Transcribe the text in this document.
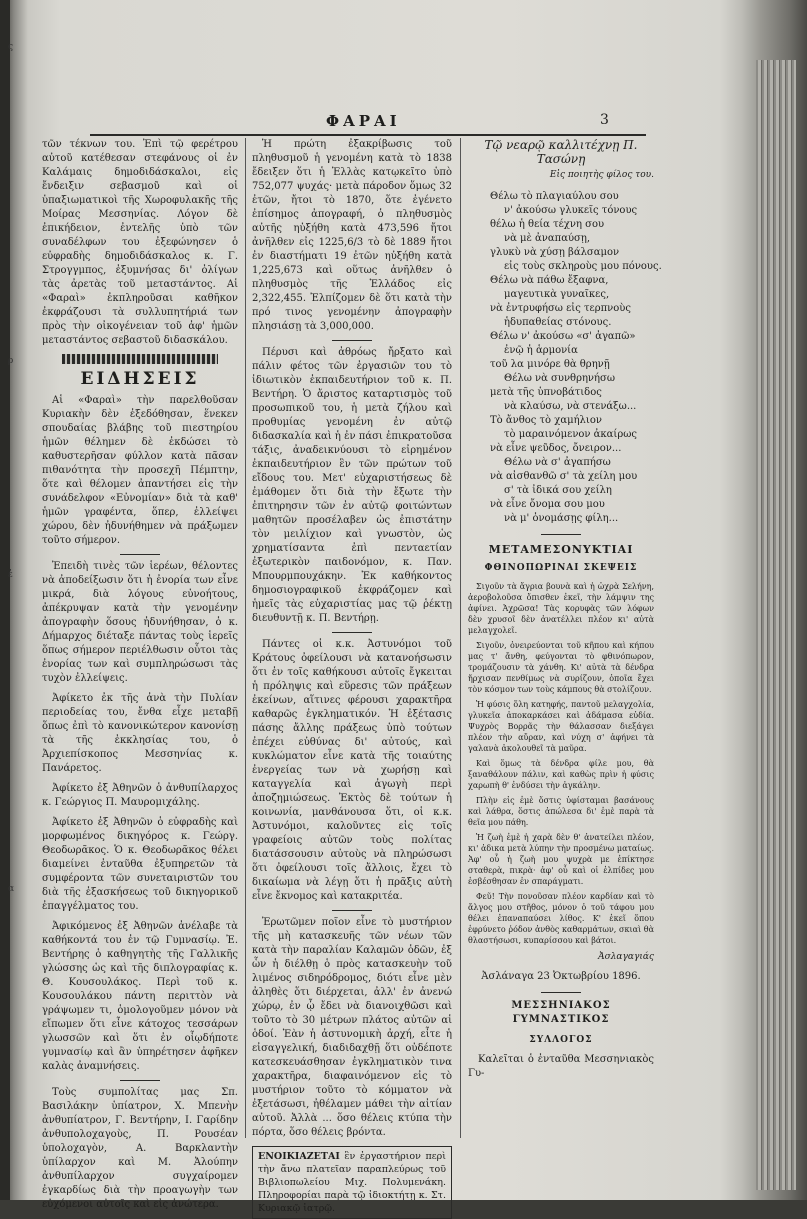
ς
ρ
ἐ
α
ΦΑΡΑΙ	3

τῶν τέκνων του. Ἐπὶ τῷ φερέτρου αὐτοῦ κατέθεσαν στεφάνους οἱ ἐν Καλάμαις δημοδιδάσκαλοι, εἰς ἔνδειξιν σεβασμοῦ καὶ οἱ ὑπαξιωματικοὶ τῆς Χωροφυλακῆς τῆς Μοίρας Μεσσηνίας. Λόγον δὲ ἐπικήδειον, ἐντελῆς ὑπὸ τῶν συναδέλφων του ἐξεφώνησεν ὁ εὐφραδὴς δημοδιδάσκαλος κ. Γ. Στρογγμπος, ἐξυμνήσας δι' ὀλίγων τὰς ἀρετὰς τοῦ μεταστάντος. Αἱ «Φαραὶ» ἐκπληροῦσαι καθῆκον ἐκφράζουσι τὰ συλλυπητήριά των πρὸς τὴν οἰκογένειαν τοῦ ἀφ' ἡμῶν μεταστάντος σεβαστοῦ διδασκάλου.

ΕΙΔΗΣΕΙΣ

Αἱ «Φαραὶ» τὴν παρελθοῦσαν Κυριακὴν δὲν ἐξεδόθησαν, ἕνεκεν σπουδαίας βλάβης τοῦ πιεστηρίου ἡμῶν θέλημεν δὲ ἐκδώσει τὸ καθυστερῆσαν φύλλον κατὰ πᾶσαν πιθανότητα τὴν προσεχῆ Πέμπτην, ὅτε καὶ θέλομεν ἀπαντήσει εἰς τὴν συνάδελφον «Εὐνομίαν» διὰ τὰ καθ' ἡμῶν γραφέντα, ὅπερ, ἐλλείψει χώρου, δὲν ἠδυνήθημεν νὰ πράξωμεν τοῦτο σήμερον.

Ἐπειδὴ τινὲς τῶν ἱερέων, θέλοντες νὰ ἀποδείξωσιν ὅτι ἡ ἐνορία των εἶνε μικρά, διὰ λόγους εὐνοήτους, ἀπέκρυψαν κατὰ τὴν γενομένην ἀπογραφὴν ὅσους ἠδυνήθησαν, ὁ κ. Δήμαρχος διέταξε πάντας τοὺς ἱερεῖς ὅπως σήμερον περιέλθωσιν οὗτοι τὰς ἐνορίας των καὶ συμπληρώσωσι τὰς τυχὸν ἐλλείψεις.

Ἀφίκετο ἐκ τῆς ἀνὰ τὴν Πυλίαν περιοδείας του, ἔνθα εἶχε μεταβῇ ὅπως ἐπὶ τὸ κανονικώτερον κανονίσῃ τὰ τῆς ἐκκλησίας του, ὁ Ἀρχιεπίσκοπος Μεσσηνίας κ. Πανάρετος.

Ἀφίκετο ἐξ Ἀθηνῶν ὁ ἀνθυπίλαρχος κ. Γεώργιος Π. Μαυρομιχάλης.

Ἀφίκετο ἐξ Ἀθηνῶν ὁ εὐφραδὴς καὶ μορφωμένος δικηγόρος κ. Γεώργ. Θεοδωρᾶκος. Ὁ κ. Θεοδωρᾶκος θέλει διαμείνει ἐνταῦθα ἐξυπηρετῶν τὰ συμφέροντα τῶν συνεταιριστῶν του διὰ τῆς ἐξασκήσεως τοῦ δικηγορικοῦ ἐπαγγέλματος του.

Ἀφικόμενος ἐξ Ἀθηνῶν ἀνέλαβε τὰ καθήκοντά του ἐν τῷ Γυμνασίῳ. Ἐ. Βεντήρης ὁ καθηγητὴς τῆς Γαλλικῆς γλώσσης ὡς καὶ τῆς διπλογραφίας κ. Θ. Κουσουλάκος. Περὶ τοῦ κ. Κουσουλάκου πάντη περιττὸν νὰ γράψωμεν τι, ὁμολογοῦμεν μόνον νὰ εἴπωμεν ὅτι εἶνε κάτοχος τεσσάρων γλωσσῶν καὶ ὅτι ἐν οἷῳδήποτε γυμνασίῳ καὶ ἂν ὑπηρέτησεν ἀφῆκεν καλὰς ἀναμνήσεις.

Τοὺς συμπολίτας μας Σπ. Βασιλάκην ὑπίατρον, Χ. Μπενὴν ἀνθυπίατρον, Γ. Βεντήρην, Ι. Γαρίδην ἀνθυπολοχαγοὺς, Π. Ρουσέαν ὑπολοχαγὸν, Α. Βαρκλαντὴν ὑπίλαρχον καὶ Μ. Ἀλούπην ἀνθυπίλαρχον συγχαίρομεν ἐγκαρδίως διὰ τὴν προαγωγὴν των εὐχόμενοι αὐτοῖς καὶ εἰς ἀνώτερα.

Ἡ πρώτη ἐξακρίβωσις τοῦ πληθυσμοῦ ἡ γενομένη κατὰ τὸ 1838 ἔδειξεν ὅτι ἡ Ἑλλὰς κατῳκεῖτο ὑπὸ 752,077 ψυχάς· μετὰ πάροδον ὅμως 32 ἐτῶν, ἤτοι τὸ 1870, ὅτε ἐγένετο ἐπίσημος ἀπογραφή, ὁ πληθυσμὸς αὐτῆς ηὐξήθη κατὰ 473,596 ἤτοι ἀνῆλθεν εἰς 1225,6/3 τὸ δὲ 1889 ἤτοι ἐν διαστήματι 19 ἐτῶν ηὐξήθη κατὰ 1,225,673 καὶ οὕτως ἀνῆλθεν ὁ πληθυσμὸς τῆς Ἑλλάδος εἰς 2,322,455. Ἐλπίζομεν δὲ ὅτι κατὰ τὴν πρό τινος γενομένην ἀπογραφὴν πλησιάσῃ τὰ 3,000,000.

Πέρυσι καὶ ἀθρόως ἤρξατο καὶ πάλιν φέτος τῶν ἐργασιῶν του τὸ ἰδιωτικὸν ἐκπαιδευτήριον τοῦ κ. Π. Βεντήρη. Ὁ ἄριστος καταρτισμὸς τοῦ προσωπικοῦ του, ἡ μετὰ ζήλου καὶ προθυμίας γενομένη ἐν αὐτῷ διδασκαλία καὶ ἡ ἐν πάσι ἐπικρατοῦσα τάξις, ἀναδεικνύουσι τὸ εἰρημένον ἐκπαιδευτήριον ἓν τῶν πρώτων τοῦ εἴδους του. Μετ' εὐχαριστήσεως δὲ ἐμάθομεν ὅτι διὰ τὴν ἔξωτε τὴν ἐπιτηρησιν τῶν ἐν αὐτῷ φοιτώντων μαθητῶν προσέλαβεν ὡς ἐπιστάτην τὸν μειλίχιον καὶ γνωστὸν, ὡς χρηματίσαντα ἐπὶ πενταετίαν ἐξωτερικὸν παιδονόμον, κ. Παν. Μπουρμπουχάκην. Ἐκ καθήκοντος δημοσιογραφικοῦ ἐκφράζομεν καὶ ἡμεῖς τὰς εὐχαριστίας μας τῷ ῥέκτῃ διευθυντῇ κ. Π. Βεντήρῃ.

Πάντες οἱ κ.κ. Ἀστυνόμοι τοῦ Κράτους ὀφείλουσι νὰ κατανοήσωσιν ὅτι ἐν τοῖς καθήκουσι αὐτοῖς ἔγκειται ἡ πρόληψις καὶ εὕρεσις τῶν πράξεων ἐκείνων, αἵτινες φέρουσι χαρακτῆρα καθαρῶς ἐγκληματικόν. Ἡ ἐξέτασις πάσης ἄλλης πράξεως ὑπὸ τούτων ἐπέχει εὐθύνας δι' αὐτούς, καὶ κυκλώματον εἶνε κατὰ τῆς τοιαύτης ἐνεργείας των νὰ χωρήσῃ καὶ καταγγελία καὶ ἀγωγὴ περὶ ἀποζημιώσεως. Ἐκτὸς δὲ τούτων ἡ κοινωνία, μανθάνουσα ὅτι, οἱ κ.κ. Ἀστυνόμοι, καλοῦντες εἰς τοῖς γραφείοις αὐτῶν τοὺς πολίτας διατάσσουσιν αὐτοὺς νὰ πληρώσωσι ὅτι ὀφείλουσι τοῖς ἄλλοις, ἔχει τὸ δικαίωμα νὰ λέγῃ ὅτι ἡ πρᾶξις αὐτὴ εἶνε ἔκνομος καὶ κατακριτέα.

Ἐρωτῶμεν ποῖον εἶνε τὸ μυστήριον τῆς μὴ κατασκευῆς τῶν νέων τῶν κατὰ τὴν παραλίαν Καλαμῶν ὁδῶν, ἐξ ὧν ἡ διέλθῃ ὁ πρὸς κατασκευὴν τοῦ λιμένος σιδηρόδρομος, διότι εἶνε μὲν ἀληθὲς ὅτι διέρχεται, ἀλλ' ἐν ἀνενώ χώρῳ, ἐν ᾧ ἔδει νὰ διανοιχθῶσι καὶ τοῦτο τὸ 30 μέτρων πλάτος αὐτῶν αἱ ὁδοί. Ἐὰν ἡ ἀστυνομικὴ ἀρχή, εἶτε ἡ εἰσαγγελική, διαδιδαχθῇ ὅτι οὐδέποτε κατεσκευάσθησαν ἐγκληματικὸν τινα χαρακτῆρα, διαφαινόμενον εἰς τὸ μυστήριον τοῦτο τὸ κόμματον νὰ ἐξετάσωσι, ἠθέλαμεν μάθει τὴν αἰτίαν αὐτοῦ. Ἀλλὰ ... ὅσο θέλεις κτύπα τὴν πόρτα, ὅσο θέλεις βρόντα.

ΕΝΟΙΚΙΑΖΕΤΑΙ ἓν ἐργαστήριον περὶ τὴν ἄνω πλατεῖαν παραπλεύρως τοῦ Βιβλιοπωλείου Μιχ. Πολυμενάκη. Πληροφορίαι παρὰ τῷ ἰδιοκτήτῃ κ. Στ. Κυριακῷ ἰατρῷ.
Τῷ νεαρῷ καλλιτέχνῃ Π. Τασώνῃ
Εἰς ποιητὴς φίλος του.
Θέλω τὸ πλαγιαύλου σου
ν' ἀκούσω γλυκεῖς τόνους
θέλω ἡ θεία τέχνη σου
νὰ μὲ ἀναπαύσῃ,
γλυκὺ νὰ χύσῃ βάλσαμον
εἰς τοὺς σκληροὺς μου πόνους.
Θέλω νὰ πάθω ἔξαφνα,
μαγευτικὰ γυναῖκες,
νὰ ἐντρυφήσω εἰς τερπνοὺς
ἡδυπαθείας στόνους.
Θέλω ν' ἀκούσω «σ' ἀγαπῶ»
ἐνῷ ἡ ἁρμονία
τοῦ λα μινόρε θὰ θρηνῇ
Θέλω νὰ συνθρηνήσω
μετὰ τῆς ὑπνοβάτιδος
νὰ κλαύσω, νὰ στενάξω...
Τὸ ἄνθος τὸ χαμήλιον
τὸ μαραινόμενον ἀκαίρως
νὰ εἶνε ψεῦδος, ὄνειρον...
Θέλω νὰ σ' ἀγαπήσω
νὰ αἰσθανθῶ σ' τὰ χείλη μου
σ' τὰ ἰδικά σου χείλη
νὰ εἶνε ὄνομα σου μου
νὰ μ' ὀνομάσῃς φίλη...
ΜΕΤΑΜΕΣΟΝΥΚΤΙΑΙ
ΦΘΙΝΟΠΩΡΙΝΑΙ ΣΚΕΨΕΙΣ

Σιγοῦν τὰ ἄγρια βουνὰ καὶ ἡ ὠχρὰ Σελήνη, ἀεροβολοῦσα ὄπισθεν ἐκεῖ, τὴν λάμψιν της ἀφίνει. Ἀχρῶσα! Τὰς κορυφὰς τῶν λόφων δὲν χρυσοῖ δὲν ἀνατέλλει πλέον κι' αὐτὰ μελαγχολεῖ.

Σιγοῦν, ὀνειρεύονται τοῦ κῆπου καὶ κήπου μας τ' ἄνθη, φεύγονται τὸ φθινόπωρον, τρομάζουσιν τὰ χάνθη. Κι' αὐτὰ τὰ δένδρα ἤρχισαν πενθίμως νὰ συρίζουν, ὁποῖα ἔχει τὸν κόσμον των τοὺς κάμπους θὰ στολίζουν.

Ἡ φύσις ὅλη κατηφής, παντοῦ μελαγχολία, γλυκεῖα ἀποκαρκάσει καὶ ἀδάμασα εὐδία. Ψυχρὸς Βορρᾶς τὴν θάλασσαν διεξάγει πλέον τὴν αὔραν, καὶ νύχη σ' ἀφήνει τὰ γαλανὰ ἀκολουθεῖ τὰ μαῦρα.

Καὶ ὅμως τὰ δένδρα φίλε μου, θὰ ξαναθάλουν πάλιν, καὶ καθὼς πρὶν ἡ φύσις χαρωπὴ θ' ἐνδύσει τὴν ἀγκάλην.

Πλὴν εἰς ἐμὲ ὅστις ὑφίσταμαι βασάνους καὶ λάθρα, ὅστις ἀπώλεσα δι' ἐμὲ παρὰ τὰ θεῖα μου πάθη.

Ἡ ζωὴ ἐμὲ ἡ χαρὰ δὲν θ' ἀνατείλει πλέον, κι' ἀδικα μετὰ λύπην τὴν προσμένω ματαίως. Ἀφ' οὗ ἡ ζωὴ μου ψυχρὰ με ἐπίκτησε σταθερὰ, πικρὰ· ἀφ' οὗ καὶ οἱ ἐλπίδες μου ἐσβέσθησαν ἐν σπαράγματι.

Φεῦ! Τὴν πονοῦσαν πλέον καρδίαν καὶ τὸ ἄλγος μου στῆθος, μόνον ὁ τοῦ τάφου μου θέλει ἐπαναπαύσει λίθος. Κ' ἐκεῖ ὅπου ἐφρύνετο ῥόδον ἀνθὸς καθαρμάτων, σκιαὶ θὰ θλαστήσωσι, κυπαρίσσου καὶ βάτοι.

Ἀσλαγαγιάς
Ἀσλάναγα 23 Ὀκτωβρίου 1896.
ΜΕΣΣΗΝΙΑΚΟΣ ΓΥΜΝΑΣΤΙΚΟΣ
ΣΥΛΛΟΓΟΣ

Καλεῖται ὁ ἐνταῦθα Μεσσηνιακὸς Γυ-
